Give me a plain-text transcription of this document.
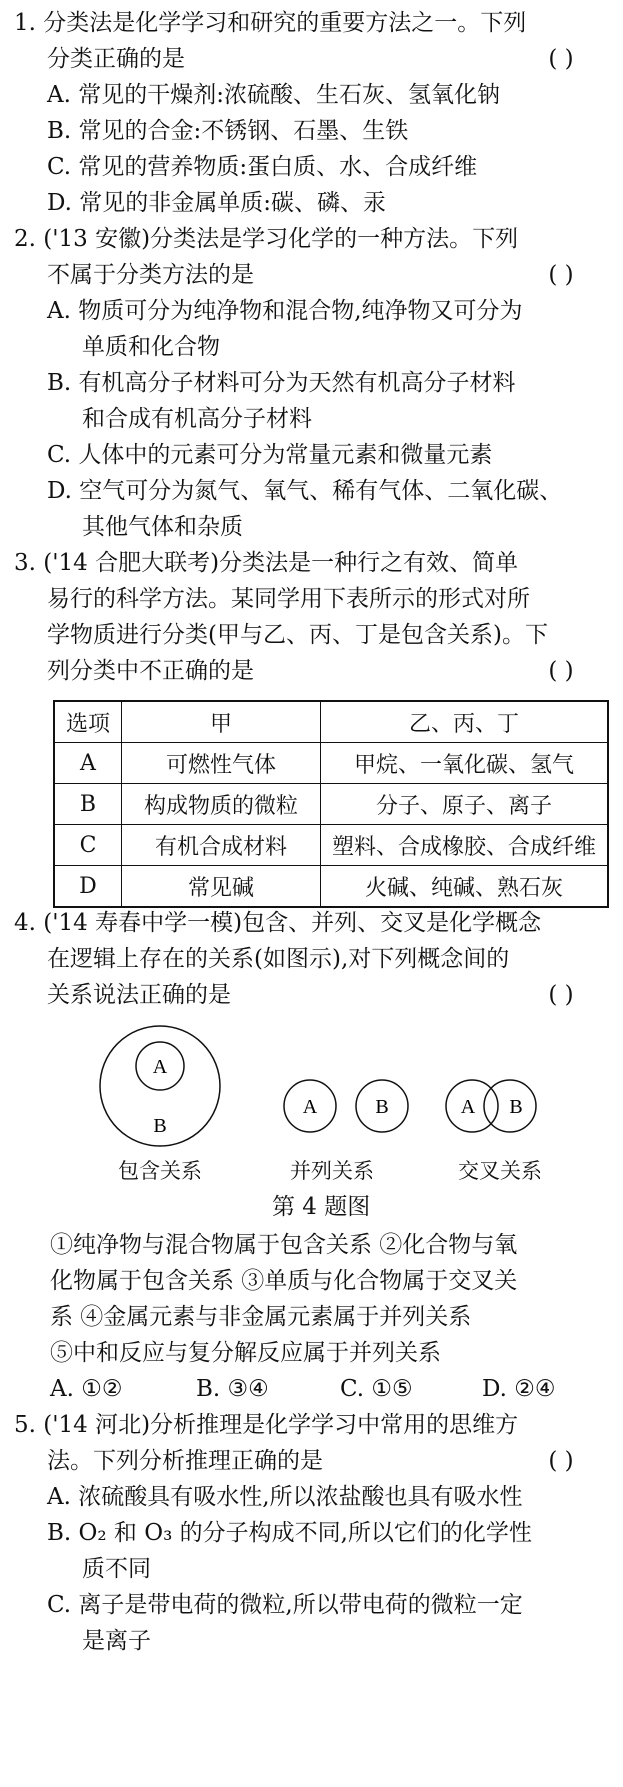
1. 分类法是化学学习和研究的重要方法之一。下列
分类正确的是	( )
A. 常见的干燥剂:浓硫酸、生石灰、氢氧化钠
B. 常见的合金:不锈钢、石墨、生铁
C. 常见的营养物质:蛋白质、水、合成纤维
D. 常见的非金属单质:碳、磷、汞
2. ('13 安徽)分类法是学习化学的一种方法。下列
不属于分类方法的是	( )
A. 物质可分为纯净物和混合物,纯净物又可分为
单质和化合物
B. 有机高分子材料可分为天然有机高分子材料
和合成有机高分子材料
C. 人体中的元素可分为常量元素和微量元素
D. 空气可分为氮气、氧气、稀有气体、二氧化碳、
其他气体和杂质
3. ('14 合肥大联考)分类法是一种行之有效、简单
易行的科学方法。某同学用下表所示的形式对所
学物质进行分类(甲与乙、丙、丁是包含关系)。下
列分类中不正确的是	( )
选项	甲	乙、丙、丁
A	可燃性气体	甲烷、一氧化碳、氢气
B	构成物质的微粒	分子、原子、离子
C	有机合成材料	塑料、合成橡胶、合成纤维
D	常见碱	火碱、纯碱、熟石灰
4. ('14 寿春中学一模)包含、并列、交叉是化学概念
在逻辑上存在的关系(如图示),对下列概念间的
关系说法正确的是	( )
A
B
A	B	A B
包含关系	并列关系	交叉关系
第 4 题图
①纯净物与混合物属于包含关系 ②化合物与氧
化物属于包含关系 ③单质与化合物属于交叉关
系 ④金属元素与非金属元素属于并列关系
⑤中和反应与复分解反应属于并列关系
A. ①②	B. ③④	C. ①⑤	D. ②④
5. ('14 河北)分析推理是化学学习中常用的思维方
法。下列分析推理正确的是	( )
A. 浓硫酸具有吸水性,所以浓盐酸也具有吸水性
B. O₂ 和 O₃ 的分子构成不同,所以它们的化学性
质不同
C. 离子是带电荷的微粒,所以带电荷的微粒一定
是离子
